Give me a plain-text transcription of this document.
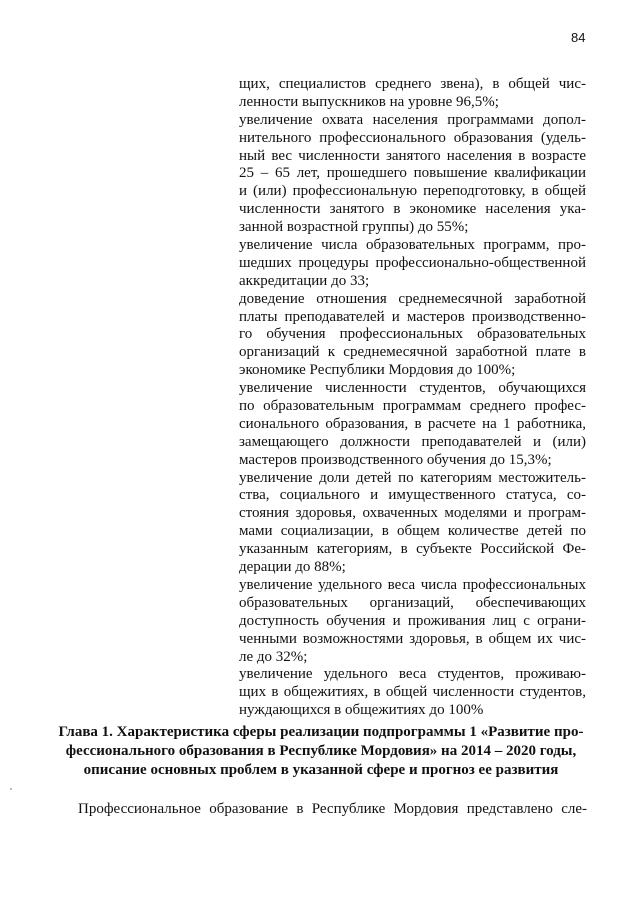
84
щих, специалистов среднего звена), в общей чис-
ленности выпускников на уровне 96,5%;
увеличение охвата населения программами допол-
нительного профессионального образования (удель-
ный вес численности занятого населения в возрасте
25 – 65 лет, прошедшего повышение квалификации
и (или) профессиональную переподготовку, в общей
численности занятого в экономике населения ука-
занной возрастной группы) до 55%;
увеличение числа образовательных программ, про-
шедших процедуры профессионально-общественной
аккредитации до 33;
доведение отношения среднемесячной заработной
платы преподавателей и мастеров производственно-
го обучения профессиональных образовательных
организаций к среднемесячной заработной плате в
экономике Республики Мордовия до 100%;
увеличение численности студентов, обучающихся
по образовательным программам среднего профес-
сионального образования, в расчете на 1 работника,
замещающего должности преподавателей и (или)
мастеров производственного обучения до 15,3%;
увеличение доли детей по категориям местожитель-
ства, социального и имущественного статуса, со-
стояния здоровья, охваченных моделями и програм-
мами социализации, в общем количестве детей по
указанным категориям, в субъекте Российской Фе-
дерации до 88%;
увеличение удельного веса числа профессиональных
образовательных организаций, обеспечивающих
доступность обучения и проживания лиц с ограни-
ченными возможностями здоровья, в общем их чис-
ле до 32%;
увеличение удельного веса студентов, проживаю-
щих в общежитиях, в общей численности студентов,
нуждающихся в общежитиях до 100%
Глава 1. Характеристика сферы реализации подпрограммы 1 «Развитие про-
фессионального образования в Республике Мордовия» на 2014 – 2020 годы,
описание основных проблем в указанной сфере и прогноз ее развития
Профессиональное образование в Республике Мордовия представлено сле-
